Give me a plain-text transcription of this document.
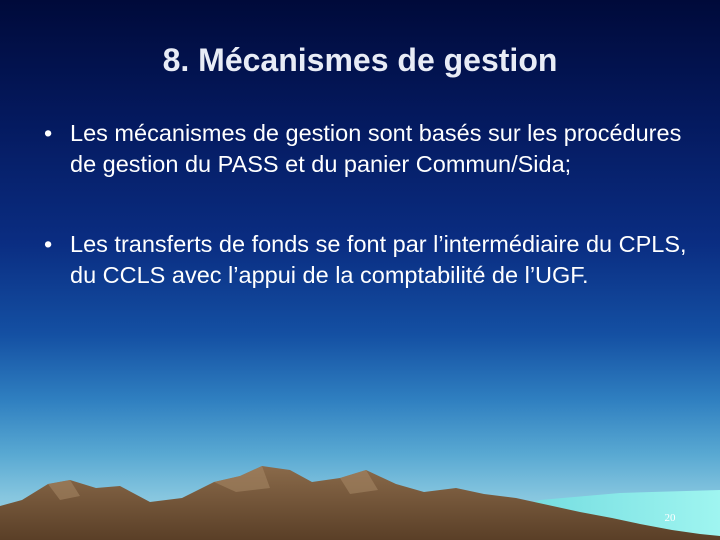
8. Mécanismes de gestion
• Les mécanismes de gestion sont basés sur les procédures de gestion du PASS et du panier Commun/Sida;
• Les transferts de fonds se font par l’intermédiaire du CPLS, du CCLS avec l’appui de la comptabilité de l’UGF.
20
